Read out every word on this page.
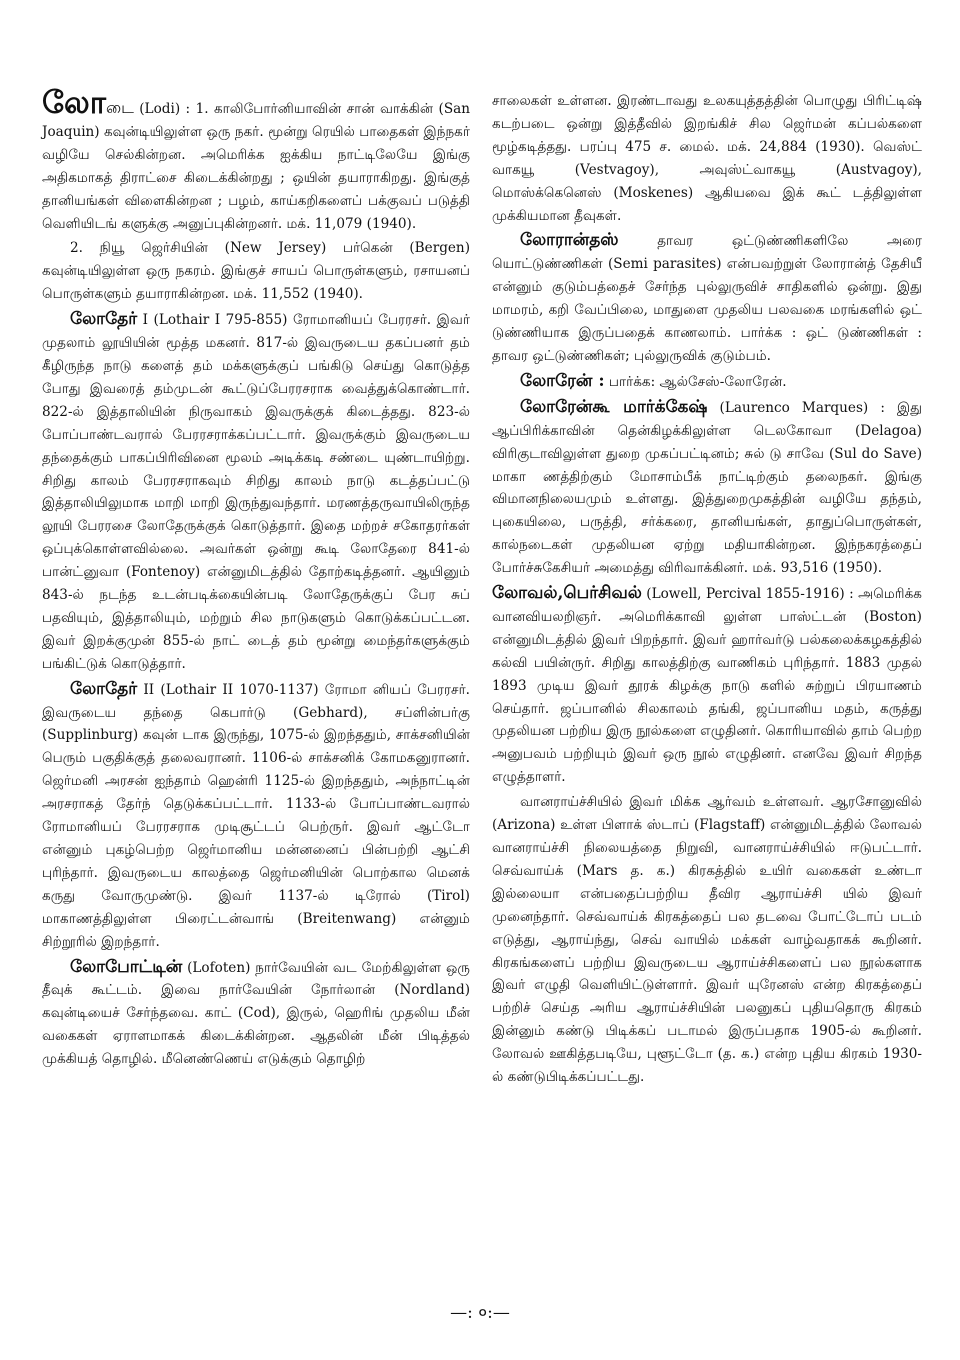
லோடை (Lodi) : 1. காலிபோர்னியாவின் சான் வாக்கின் (San Joaquin) கவுன்டியிலுள்ள ஒரு நகர். மூன்று ரெயில் பாதைகள் இந்நகர் வழியே செல்கின்றன. அமெரிக்க ஐக்கிய நாட்டிலேயே இங்கு அதிகமாகத் திராட்சை கிடைக்கின்றது ; ஒயின் தயாராகிறது. இங்குத் தானியங்கள் விளைகின்றன ; பழம், காய்கறிகளைப் பக்குவப் படுத்தி வெளியிடங் களுக்கு அனுப்புகின்றனர். மக். 11,079 (1940).

2. நியூ ஜெர்சியின் (New Jersey) பர்கென் (Bergen) கவுன்டியிலுள்ள ஒரு நகரம். இங்குச் சாயப் பொருள்களும், ரசாயனப் பொருள்களும் தயாராகின்றன. மக். 11,552 (1940).

லோதேர் I (Lothair I 795-855) ரோமானியப் பேரரசர். இவர் முதலாம் லூயியின் மூத்த மகனர். 817-ல் இவருடைய தகப்பனர் தம் கீழிருந்த நாடு களைத் தம் மக்களுக்குப் பங்கிடு செய்து கொடுத்த போது இவரைத் தம்முடன் கூட்டுப்பேரரசராக வைத்துக்கொண்டார். 822-ல் இத்தாலியின் நிருவாகம் இவருக்குக் கிடைத்தது. 823-ல் போப்பாண்டவரால் பேரரசராக்கப்பட்டார். இவருக்கும் இவருடைய தந்தைக்கும் பாகப்பிரிவினை மூலம் அடிக்கடி சண்டை யுண்டாயிற்று. சிறிது காலம் பேரரசராகவும் சிறிது காலம் நாடு கடத்தப்பட்டு இத்தாலியிலுமாக மாறி மாறி இருந்துவந்தார். மரணத்தருவாயிலிருந்த லூயி பேரரசை லோதேருக்குக் கொடுத்தார். இதை மற்றச் சகோதரர்கள் ஒப்புக்கொள்ளவில்லை. அவர்கள் ஒன்று கூடி லோதேரை 841-ல் பான்ட்னுவா (Fontenoy) என்னுமிடத்தில் தோற்கடித்தனர். ஆயினும் 843-ல் நடந்த உடன்படிக்கையின்படி லோதேருக்குப் பேர சுப் பதவியும், இத்தாலியும், மற்றும் சில நாடுகளும் கொடுக்கப்பட்டன. இவர் இறக்குமுன் 855-ல் நாட் டைத் தம் மூன்று மைந்தர்களுக்கும் பங்கிட்டுக் கொடுத்தார்.

லோதேர் II (Lothair II 1070-1137) ரோமா னியப் பேரரசர். இவருடைய தந்தை கெபார்டு (Gebhard), சப்ளின்பர்கு (Supplinburg) கவுன் டாக இருந்து, 1075-ல் இறந்ததும், சாக்சனியின் பெரும் பகுதிக்குத் தலைவரானர். 1106-ல் சாக்சனிக் கோமகனுரானர். ஜெர்மனி அரசன் ஐந்தாம் ஹென்ரி 1125-ல் இறந்ததும், அந்நாட்டின் அரசராகத் தேர்ந் தெடுக்கப்பட்டார். 1133-ல் போப்பாண்டவரால் ரோமானியப் பேரரசராக முடிசூட்டப் பெற்ருர். இவர் ஆட்டோ என்னும் புகழ்பெற்ற ஜெர்மானிய மன்னனைப் பின்பற்றி ஆட்சி புரிந்தார். இவருடைய காலத்தை ஜெர்மனியின் பொற்கால மெனக் கருது வோருமுண்டு. இவர் 1137-ல் டிரோல் (Tirol) மாகாணத்திலுள்ள பிரைட்டன்வாங் (Breitenwang) என்னும் சிற்றூரில் இறந்தார்.

லோபோட்டின் (Lofoten) நார்வேயின் வட மேற்கிலுள்ள ஒரு தீவுக் கூட்டம். இவை நார்வேயின் நோர்லான் (Nordland) கவுன்டியைச் சேர்ந்தவை. காட் (Cod), இருல், ஹெரிங் முதலிய மீன் வகைகள் ஏராளமாகக் கிடைக்கின்றன. ஆதலின் மீன் பிடித்தல் முக்கியத் தொழில். மீனெண்ணெய் எடுக்கும் தொழிற்

சாலைகள் உள்ளன. இரண்டாவது உலகயுத்தத்தின் பொழுது பிரிட்டிஷ் கடற்படை ஒன்று இத்தீவில் இறங்கிச் சில ஜெர்மன் கப்பல்களை மூழ்கடித்தது. பரப்பு 475 ச. மைல். மக். 24,884 (1930). வெஸ்ட் வாகயூ (Vestvagoy), அவுஸ்ட்வாகயூ (Austvagoy), மொஸ்க்கெனெஸ் (Moskenes) ஆகியவை இக் கூட் டத்திலுள்ள முக்கியமான தீவுகள்.

லோரான்தஸ் தாவர ஒட்டுண்ணிகளிலே அரை யொட்டுண்ணிகள் (Semi parasites) என்பவற்றுள் லோரான்த் தேசியீ என்னும் குடும்பத்தைச் சேர்ந்த புல்லுருவிச் சாதிகளில் ஒன்று. இது மாமரம், கறி வேப்பிலை, மாதுளை முதலிய பலவகை மரங்களில் ஒட் டுண்ணியாக இருப்பதைக் காணலாம். பார்க்க : ஒட் டுண்ணிகள் : தாவர ஒட்டுண்ணிகள்; புல்லுருவிக் குடும்பம்.

லோரேன் : பார்க்க: ஆல்சேஸ்-லோரேன்.

லோரேன்கூ மார்க்கேஷ் (Laurenco Marques) : இது ஆப்பிரிக்காவின் தென்கிழக்கிலுள்ள டெலகோவா (Delagoa) விரிகுடாவிலுள்ள துறை முகப்பட்டினம்; சுல் டு சாவே (Sul do Save) மாகா ணத்திற்கும் மோசாம்பீக் நாட்டிற்கும் தலைநகர். இங்கு விமானநிலையமும் உள்ளது. இத்துறைமுகத்தின் வழியே தந்தம், புகையிலை, பருத்தி, சர்க்கரை, தானியங்கள், தாதுப்பொருள்கள், கால்நடைகள் முதலியன ஏற்று மதியாகின்றன. இந்நகரத்தைப் போர்ச்சுகேசியர் அமைத்து விரிவாக்கினர். மக். 93,516 (1950).

லோவல்,பெர்சிவல் (Lowell, Percival 1855-1916) : அமெரிக்க வானவியலறிஞர். அமெரிக்காவி லுள்ள பாஸ்ட்டன் (Boston) என்னுமிடத்தில் இவர் பிறந்தார். இவர் ஹார்வர்டு பல்கலைக்கழகத்தில் கல்வி பயின்ருர். சிறிது காலத்திற்கு வாணிகம் புரிந்தார். 1883 முதல் 1893 முடிய இவர் தூரக் கிழக்கு நாடு களில் சுற்றுப் பிரயாணம் செய்தார். ஜப்பானில் சிலகாலம் தங்கி, ஜப்பானிய மதம், கருத்து முதலியன பற்றிய இரு நூல்களை எழுதினர். கொரியாவில் தாம் பெற்ற அனுபவம் பற்றியும் இவர் ஒரு நூல் எழுதினர். எனவே இவர் சிறந்த எழுத்தாளர்.

வானராய்ச்சியில் இவர் மிக்க ஆர்வம் உள்ளவர். ஆரசோனுவில் (Arizona) உள்ள பிளாக் ஸ்டாப் (Flagstaff) என்னுமிடத்தில் லோவல் வானராய்ச்சி நிலையத்தை நிறுவி, வானராய்ச்சியில் ஈடுபட்டார். செவ்வாய்க் (Mars த. க.) கிரகத்தில் உயிர் வகைகள் உண்டா இல்லையா என்பதைப்பற்றிய தீவிர ஆராய்ச்சி யில் இவர் முனைந்தார். செவ்வாய்க் கிரகத்தைப் பல தடவை போட்டோப் படம் எடுத்து, ஆராய்ந்து, செவ் வாயில் மக்கள் வாழ்வதாகக் கூறினர். கிரகங்களைப் பற்றிய இவருடைய ஆராய்ச்சிகளைப் பல நூல்களாக இவர் எழுதி வெளியிட்டுள்ளார். இவர் யுரேனஸ் என்ற கிரகத்தைப் பற்றிச் செய்த அரிய ஆராய்ச்சியின் பலனுகப் புதியதொரு கிரகம் இன்னும் கண்டு பிடிக்கப் படாமல் இருப்பதாக 1905-ல் கூறினர். லோவல் ஊகித்தபடியே, புளூட்டோ (த. க.) என்ற புதிய கிரகம் 1930-ல் கண்டுபிடிக்கப்பட்டது.

—: ०:—
